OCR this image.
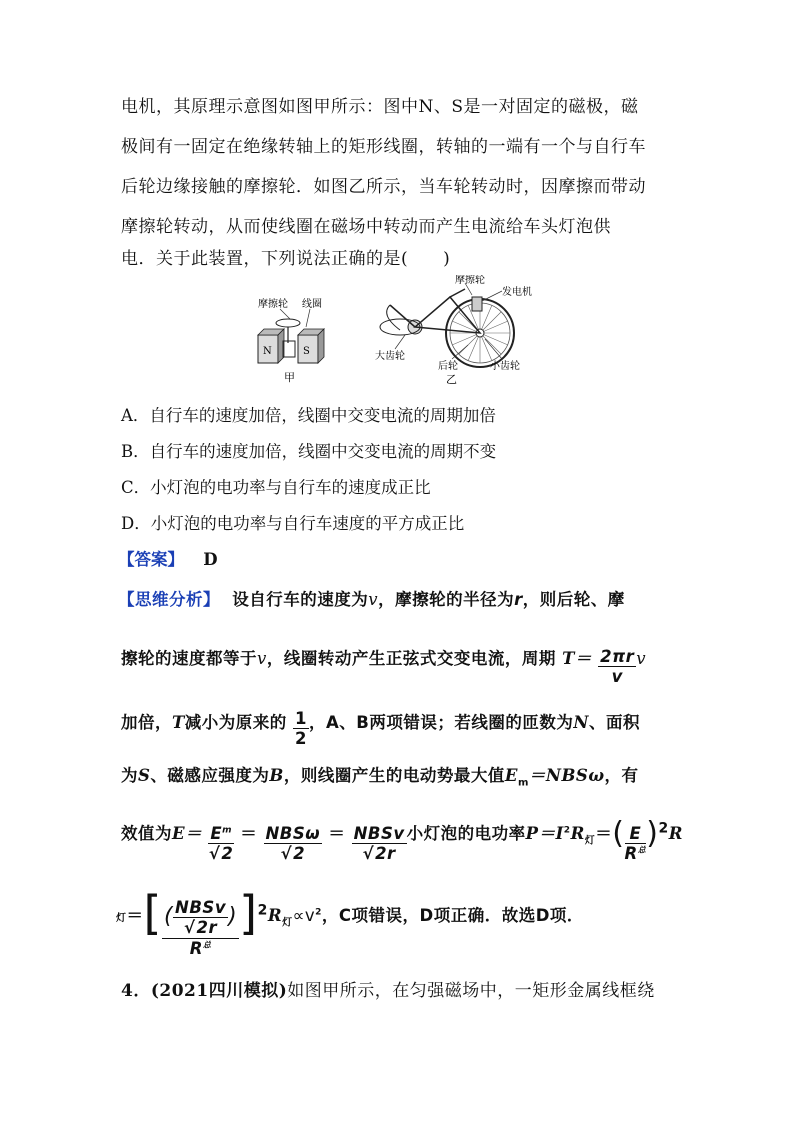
电机，其原理示意图如图甲所示：图中N、S是一对固定的磁极，磁
极间有一固定在绝缘转轴上的矩形线圈，转轴的一端有一个与自行车
后轮边缘接触的摩擦轮．如图乙所示，当车轮转动时，因摩擦而带动
摩擦轮转动，从而使线圈在磁场中转动而产生电流给车头灯泡供
电．关于此装置，下列说法正确的是(　　)
摩擦轮 线圈
N	S
甲
摩擦轮
发电机
大齿轮
后轮	小齿轮
乙
A．自行车的速度加倍，线圈中交变电流的周期加倍
B．自行车的速度加倍，线圈中交变电流的周期不变
C．小灯泡的电功率与自行车的速度成正比
D．小灯泡的电功率与自行车速度的平方成正比
【答案】 D
【思维分析】 设自行车的速度为v，摩擦轮的半径为r，则后轮、摩
擦轮的速度都等于v，线圈转动产生正弦式交变电流，周期 $T= \frac{2\pi r}{v}$ v
加倍，T减小为原来的 $\frac{1}{2}$ ，A、B两项错误；若线圈的匝数为N、面积
为S、磁感应强度为B，则线圈产生的电动势最大值$E_m=NBS\omega$，有
效值为$E= \frac{E^m}{√2} = \frac{\text{NBSω}}{√2} = \frac{\text{NBSv}}{√2r}$ 小灯泡的电功率$P=I^2R_灯=( \frac{E}{R^总} )^2R$
灯＝[ $\frac{( \frac{\text{NBSv}}{√2r} )}{R^总} ]^2R_灯\propto v^2$，C项错误，D项正确．故选D项．
4．(2021四川模拟)如图甲所示，在匀强磁场中，一矩形金属线框绕
